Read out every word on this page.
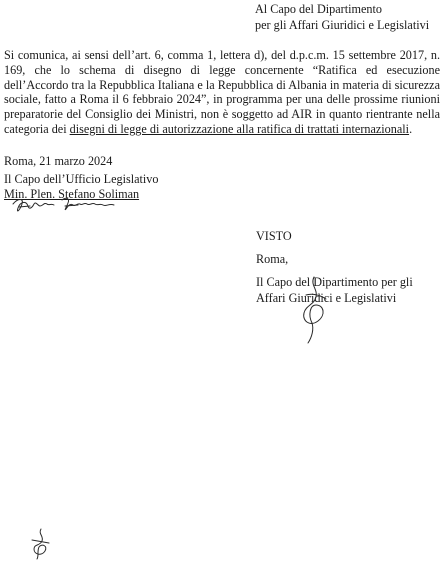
Al Capo del Dipartimento
per gli Affari Giuridici e Legislativi

Si comunica, ai sensi dell’art. 6, comma 1, lettera d), del d.p.c.m. 15 settembre 2017, n. 169, che lo schema di disegno di legge concernente “Ratifica ed esecuzione dell’Accordo tra la Repubblica Italiana e la Repubblica di Albania in materia di sicurezza sociale, fatto a Roma il 6 febbraio 2024”, in programma per una delle prossime riunioni preparatorie del Consiglio dei Ministri, non è soggetto ad AIR in quanto rientrante nella categoria dei disegni di legge di autorizzazione alla ratifica di trattati internazionali.

Roma, 21 marzo 2024
Il Capo dell’Ufficio Legislativo
Min. Plen. Stefano Soliman
VISTO
Roma,
Il Capo del Dipartimento per gli
Affari Giuridici e Legislativi
